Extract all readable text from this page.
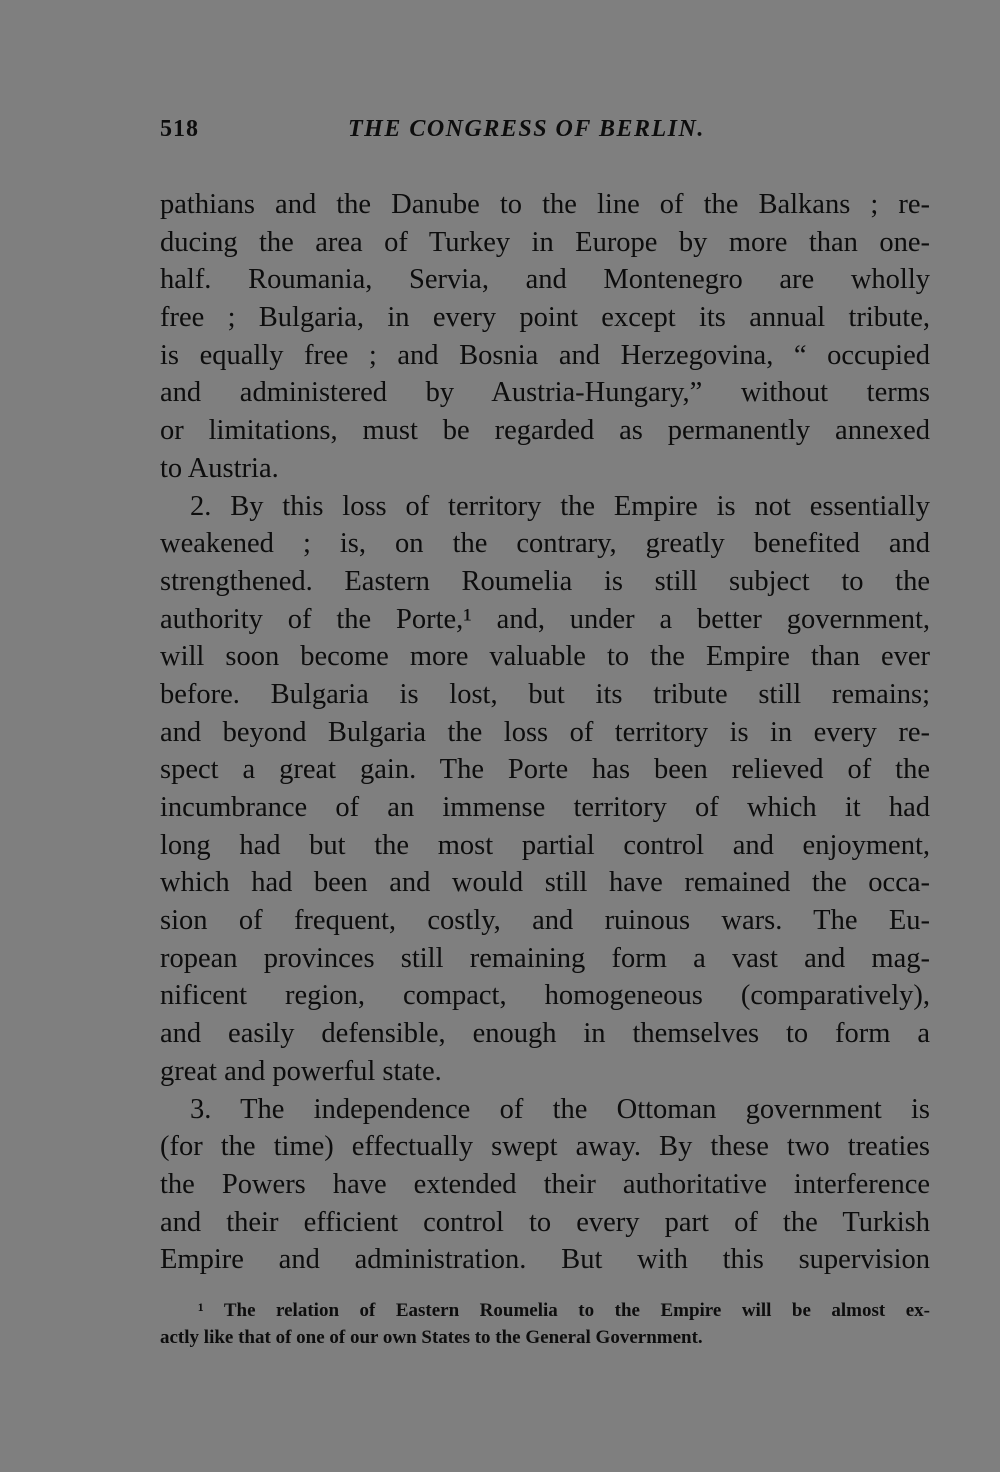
518	THE CONGRESS OF BERLIN.
pathians and the Danube to the line of the Balkans ; re-
ducing the area of Turkey in Europe by more than one-
half. Roumania, Servia, and Montenegro are wholly
free ; Bulgaria, in every point except its annual tribute,
is equally free ; and Bosnia and Herzegovina, “ occupied
and administered by Austria-Hungary,” without terms
or limitations, must be regarded as permanently annexed
to Austria.
2. By this loss of territory the Empire is not essentially
weakened ; is, on the contrary, greatly benefited and
strengthened. Eastern Roumelia is still subject to the
authority of the Porte,¹ and, under a better government,
will soon become more valuable to the Empire than ever
before. Bulgaria is lost, but its tribute still remains;
and beyond Bulgaria the loss of territory is in every re-
spect a great gain. The Porte has been relieved of the
incumbrance of an immense territory of which it had
long had but the most partial control and enjoyment,
which had been and would still have remained the occa-
sion of frequent, costly, and ruinous wars. The Eu-
ropean provinces still remaining form a vast and mag-
nificent region, compact, homogeneous (comparatively),
and easily defensible, enough in themselves to form a
great and powerful state.
3. The independence of the Ottoman government is
(for the time) effectually swept away. By these two treaties
the Powers have extended their authoritative interference
and their efficient control to every part of the Turkish
Empire and administration. But with this supervision
¹ The relation of Eastern Roumelia to the Empire will be almost ex-
actly like that of one of our own States to the General Government.
